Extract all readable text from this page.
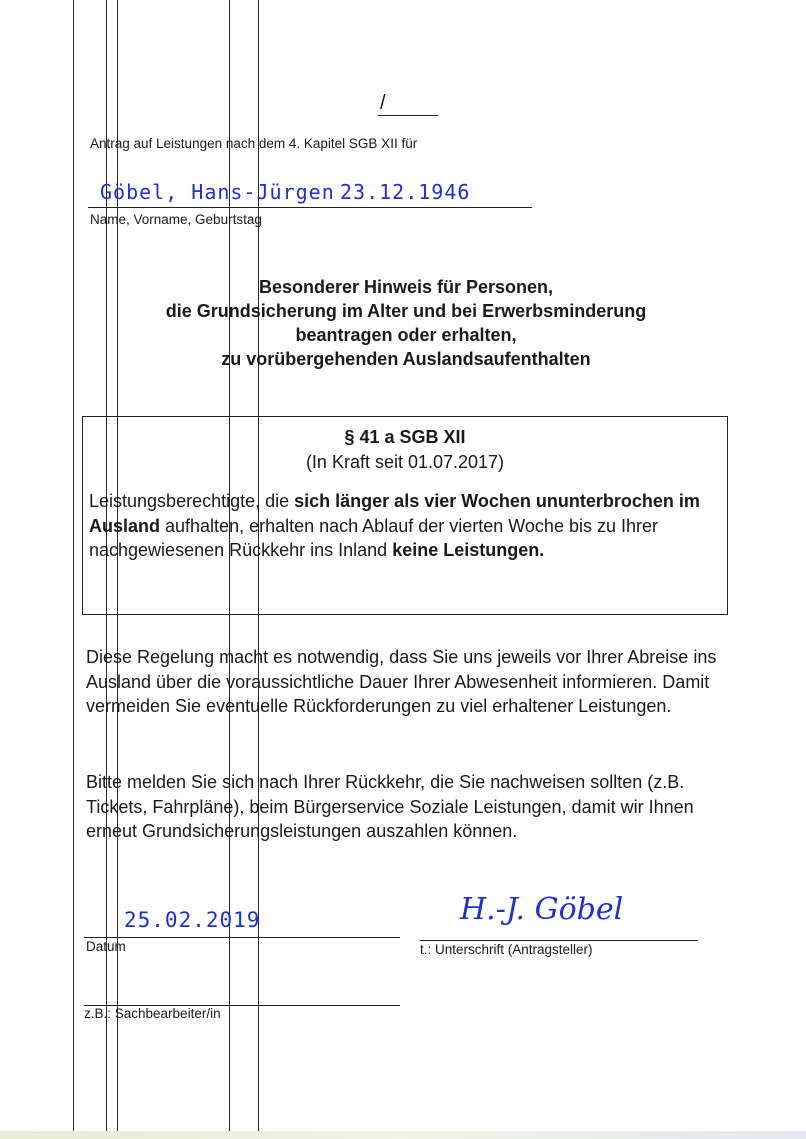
/
Antrag auf Leistungen nach dem 4. Kapitel SGB XII für
Göbel, Hans-Jürgen 23.12.1946
Name, Vorname, Geburtstag
Besonderer Hinweis für Personen,
die Grundsicherung im Alter und bei Erwerbsminderung
beantragen oder erhalten,
zu vorübergehenden Auslandsaufenthalten
§ 41 a SGB XII
(In Kraft seit 01.07.2017)
Leistungsberechtigte, die sich länger als vier Wochen ununterbrochen im Ausland aufhalten, erhalten nach Ablauf der vierten Woche bis zu Ihrer nachgewiesenen Rückkehr ins Inland keine Leistungen.
Diese Regelung macht es notwendig, dass Sie uns jeweils vor Ihrer Abreise ins Ausland über die voraussichtliche Dauer Ihrer Abwesenheit informieren. Damit vermeiden Sie eventuelle Rückforderungen zu viel erhaltener Leistungen.
Bitte melden Sie sich nach Ihrer Rückkehr, die Sie nachweisen sollten (z.B. Tickets, Fahrpläne), beim Bürgerservice Soziale Leistungen, damit wir Ihnen erneut Grundsicherungsleistungen auszahlen können.
25.02.2019
Datum
H.-J. Göbel
t.: Unterschrift (Antragsteller)
z.B.: Sachbearbeiter/in
